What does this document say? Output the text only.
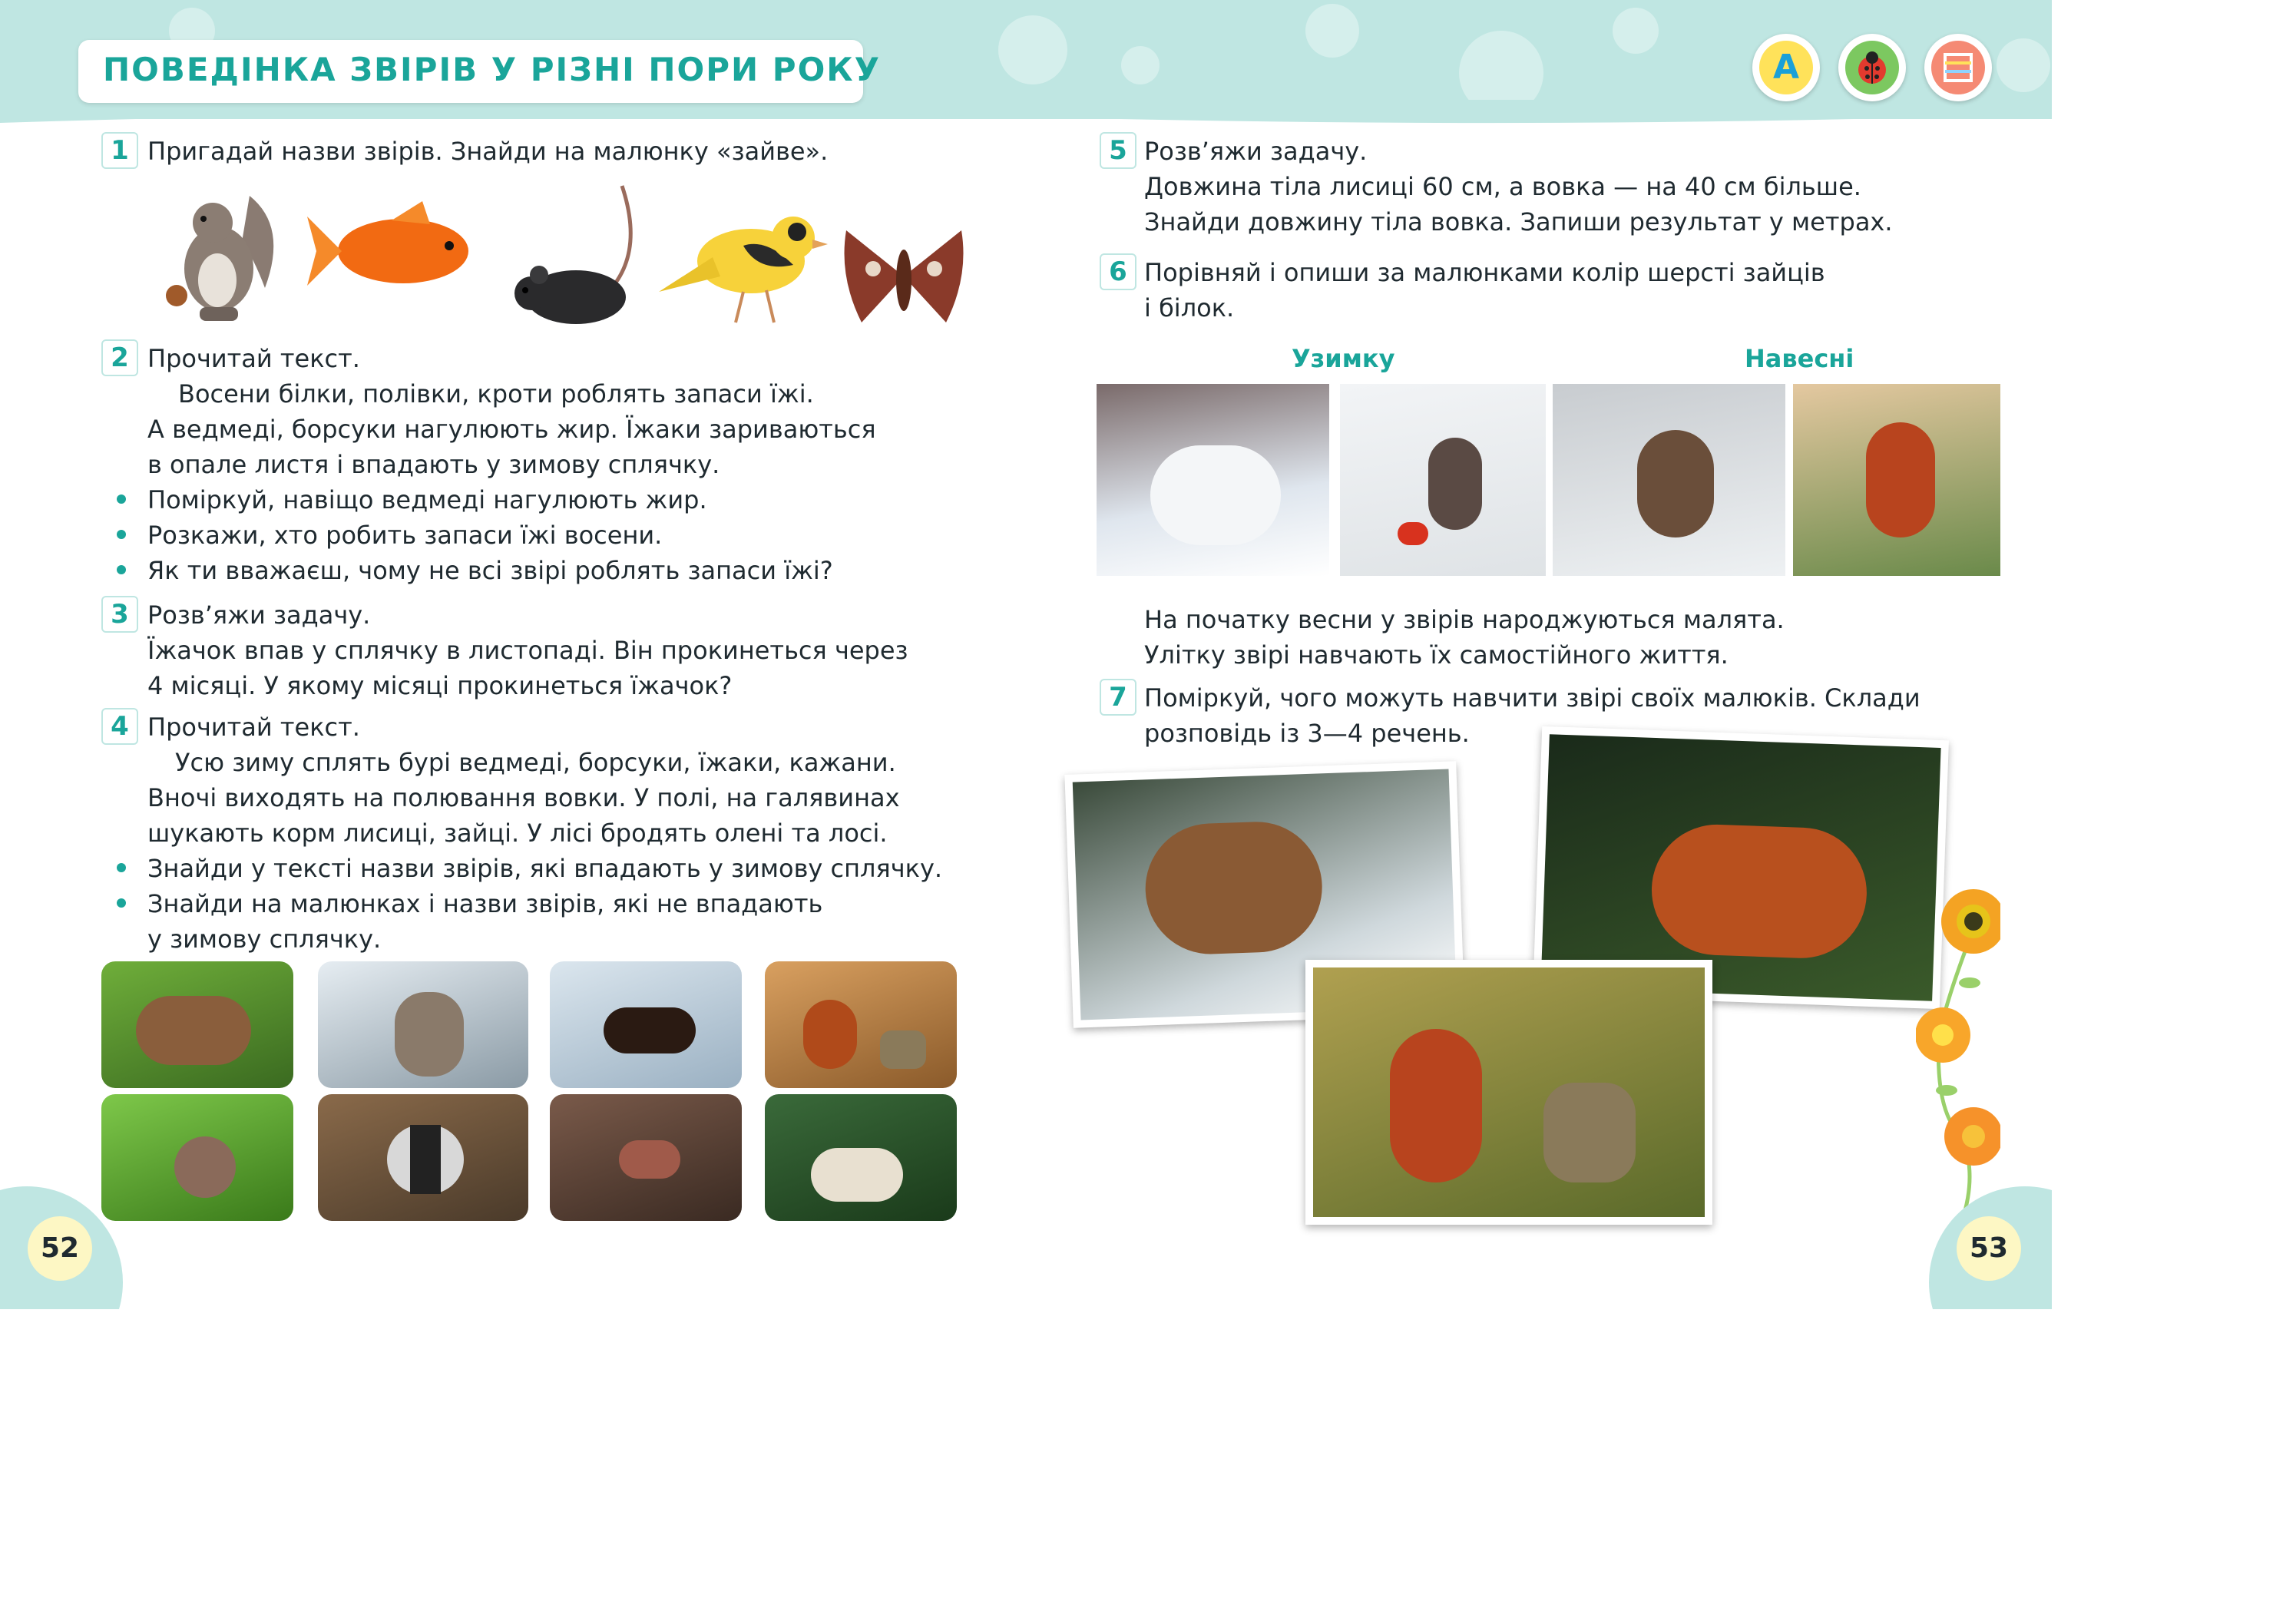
ПОВЕДІНКА ЗВІРІВ У РІЗНІ ПОРИ РОКУ	А
1 Пригадай назви звірів. Знайди на малюнку «зайве».
2 Прочитай текст.
Восени білки, полівки, кроти роблять запаси їжі.
А ведмеді, борсуки нагулюють жир. Їжаки зариваються
в опале листя і впадають у зимову сплячку.
Поміркуй, навіщо ведмеді нагулюють жир.
Розкажи, хто робить запаси їжі восени.
Як ти вважаєш, чому не всі звірі роблять запаси їжі?
3 Розв’яжи задачу.
Їжачок впав у сплячку в листопаді. Він прокинеться через
4 місяці. У якому місяці прокинеться їжачок?
4 Прочитай текст.
Усю зиму сплять бурі ведмеді, борсуки, їжаки, кажани.
Вночі виходять на полювання вовки. У полі, на галявинах
шукають корм лисиці, зайці. У лісі бродять олені та лосі.
Знайди у тексті назви звірів, які впадають у зимову сплячку.
Знайди на малюнках і назви звірів, які не впадають
у зимову сплячку.
52
5 Розв’яжи задачу.
Довжина тіла лисиці 60 см, а вовка — на 40 см більше.
Знайди довжину тіла вовка. Запиши результат у метрах.
6 Порівняй і опиши за малюнками колір шерсті зайців
і білок.
Узимку	Навесні
На початку весни у звірів народжуються малята.
Улітку звірі навчають їх самостійного життя.
7 Поміркуй, чого можуть навчити звірі своїх малюків. Склади
розповідь із 3—4 речень.
53
